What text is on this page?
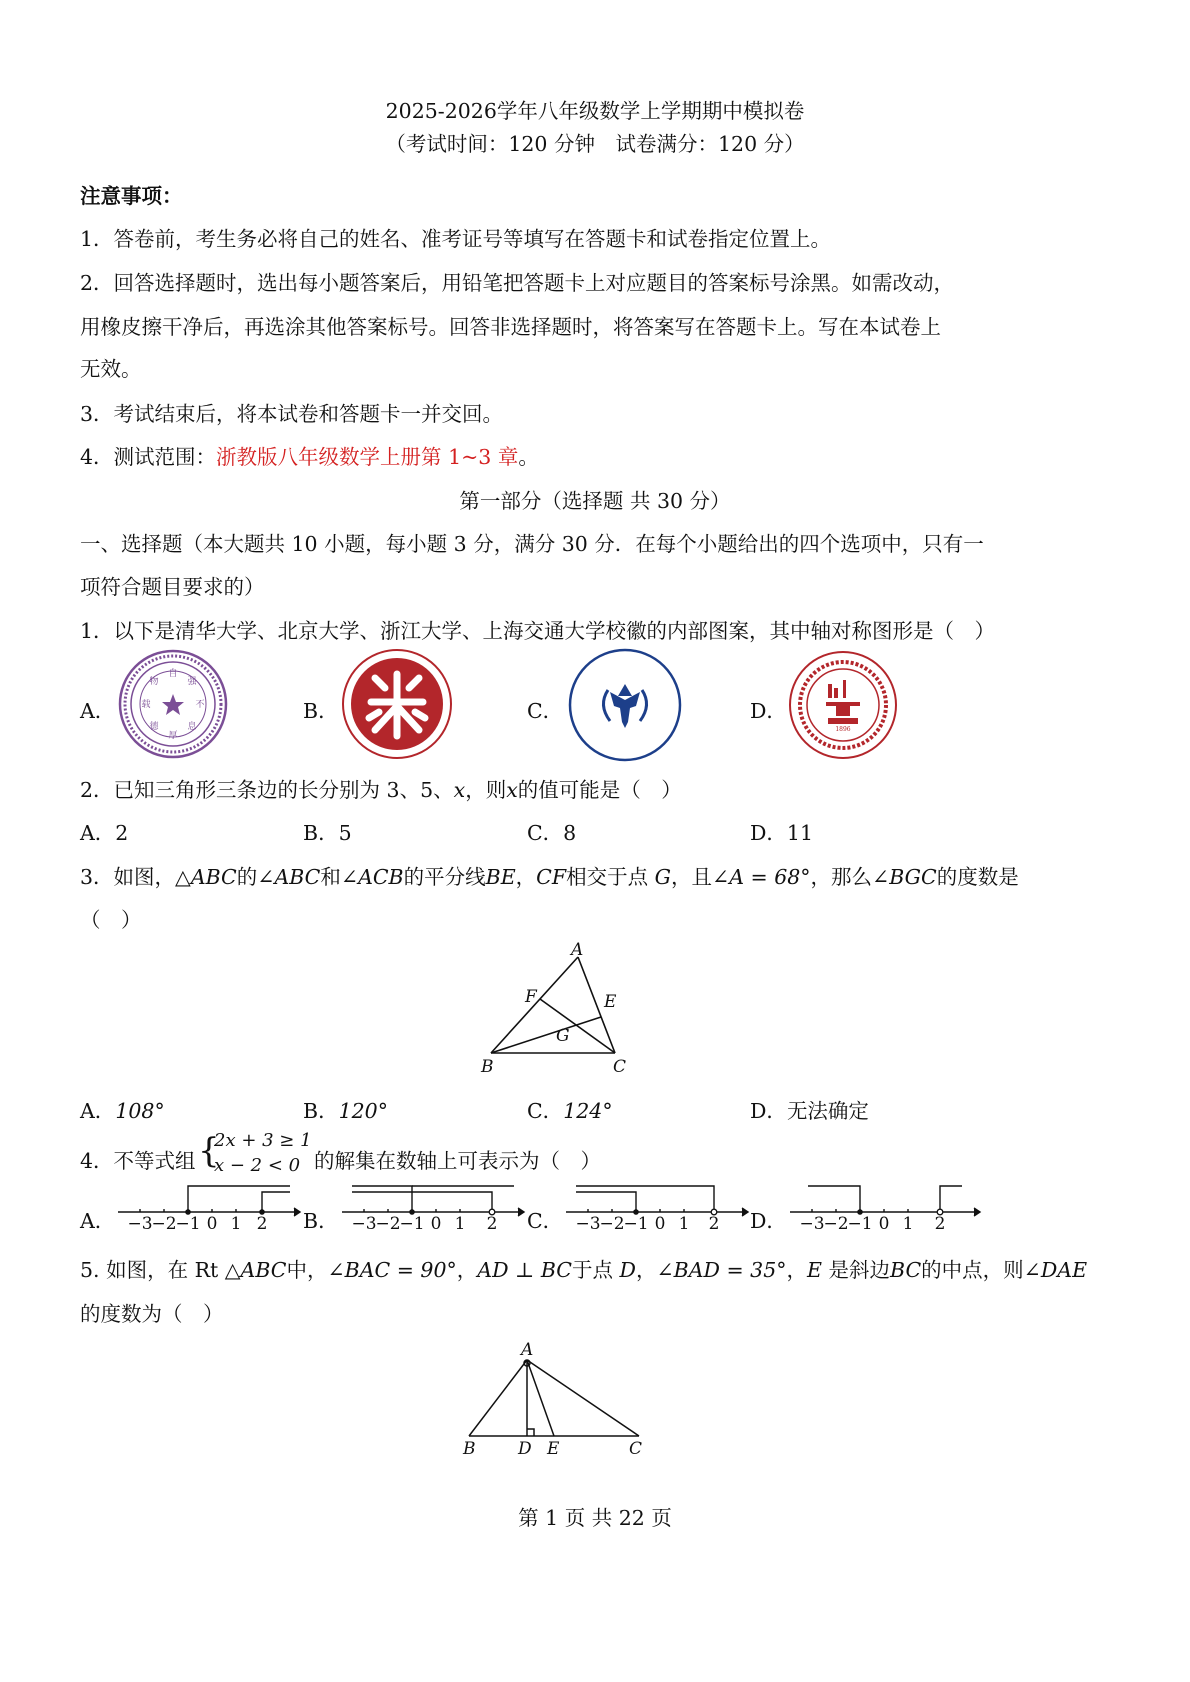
2025-2026学年八年级数学上学期期中模拟卷
（考试时间：120 分钟　试卷满分：120 分）
注意事项：
1．答卷前，考生务必将自己的姓名、准考证号等填写在答题卡和试卷指定位置上。
2．回答选择题时，选出每小题答案后，用铅笔把答题卡上对应题目的答案标号涂黑。如需改动，
用橡皮擦干净后，再选涂其他答案标号。回答非选择题时，将答案写在答题卡上。写在本试卷上
无效。
3．考试结束后，将本试卷和答题卡一并交回。
4．测试范围：浙教版八年级数学上册第 1~3 章。
第一部分（选择题 共 30 分）
一、选择题（本大题共 10 小题，每小题 3 分，满分 30 分．在每个小题给出的四个选项中，只有一
项符合题目要求的）
1．以下是清华大学、北京大学、浙江大学、上海交通大学校徽的内部图案，其中轴对称图形是（　）
A．	B．	C．	D．
自
强
不
息
厚
德
载
物
1896
2．已知三角形三条边的长分别为 3、5、x，则x的值可能是（　）
A．2	B．5	C．8	D．11
3．如图，△ABC的∠ABC和∠ACB的平分线BE，CF相交于点 G，且∠A = 68°，那么∠BGC的度数是
（　）
A
F	E
G
B	C
A．108°	B．120°	C．124°	D．无法确定
4．不等式组 {
2x + 3 ≥ 1
x − 2 < 0 的解集在数轴上可表示为（　）
A．	B．	C．	D．
−3
−2
−1 0 1 2	−3
−2
−1 0 1 2	−3
−2
−1 0 1 2	−3
−2
−1 0 1 2
5. 如图，在 Rt △ABC中，∠BAC = 90°，AD ⊥ BC于点 D，∠BAD = 35°，E 是斜边BC的中点，则∠DAE
的度数为（　）
A
B	D E	C
第 1 页 共 22 页
